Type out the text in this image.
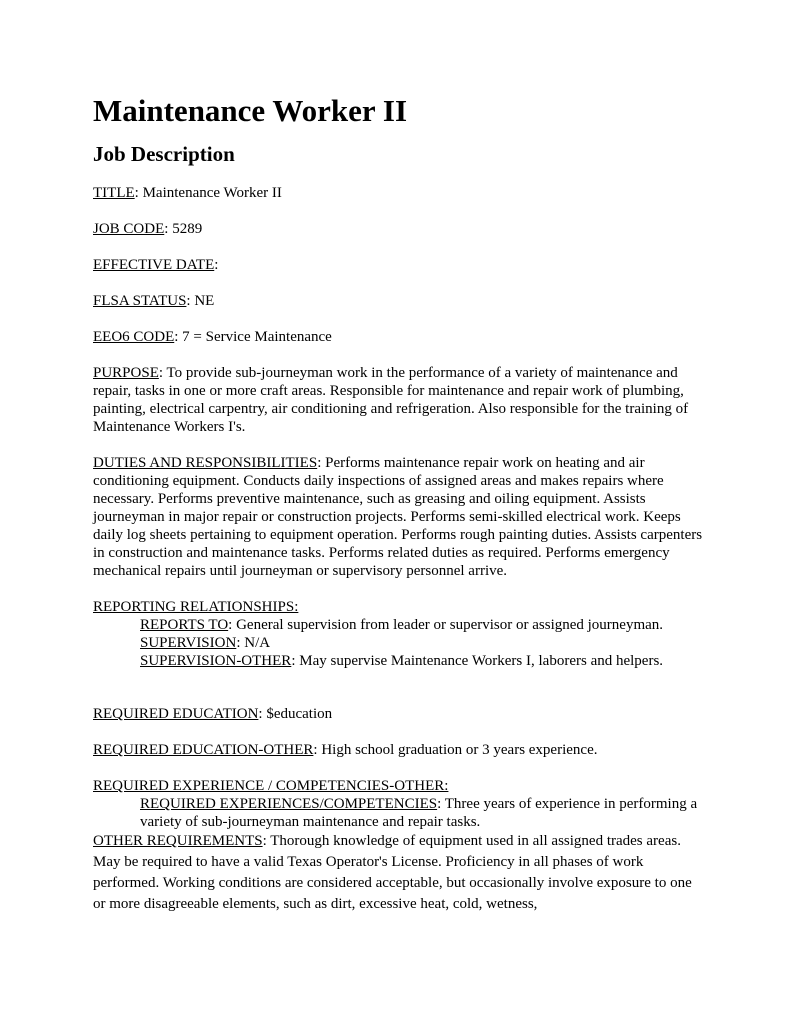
Maintenance Worker II
Job Description

TITLE: Maintenance Worker II

JOB CODE: 5289

EFFECTIVE DATE:

FLSA STATUS: NE

EEO6 CODE: 7 = Service Maintenance

PURPOSE: To provide sub-journeyman work in the performance of a variety of maintenance and repair, tasks in one or more craft areas. Responsible for maintenance and repair work of plumbing, painting, electrical carpentry, air conditioning and refrigeration. Also responsible for the training of Maintenance Workers I's.

DUTIES AND RESPONSIBILITIES: Performs maintenance repair work on heating and air conditioning equipment. Conducts daily inspections of assigned areas and makes repairs where necessary. Performs preventive maintenance, such as greasing and oiling equipment. Assists journeyman in major repair or construction projects. Performs semi-skilled electrical work. Keeps daily log sheets pertaining to equipment operation. Performs rough painting duties. Assists carpenters in construction and maintenance tasks. Performs related duties as required. Performs emergency mechanical repairs until journeyman or supervisory personnel arrive.

REPORTING RELATIONSHIPS:

REPORTS TO: General supervision from leader or supervisor or assigned journeyman.

SUPERVISION: N/A

SUPERVISION-OTHER: May supervise Maintenance Workers I, laborers and helpers.

REQUIRED EDUCATION: $education

REQUIRED EDUCATION-OTHER: High school graduation or 3 years experience.

REQUIRED EXPERIENCE / COMPETENCIES-OTHER:

REQUIRED EXPERIENCES/COMPETENCIES: Three years of experience in performing a variety of sub-journeyman maintenance and repair tasks.

OTHER REQUIREMENTS: Thorough knowledge of equipment used in all assigned trades areas. May be required to have a valid Texas Operator's License. Proficiency in all phases of work performed. Working conditions are considered acceptable, but occasionally involve exposure to one or more disagreeable elements, such as dirt, excessive heat, cold, wetness,
